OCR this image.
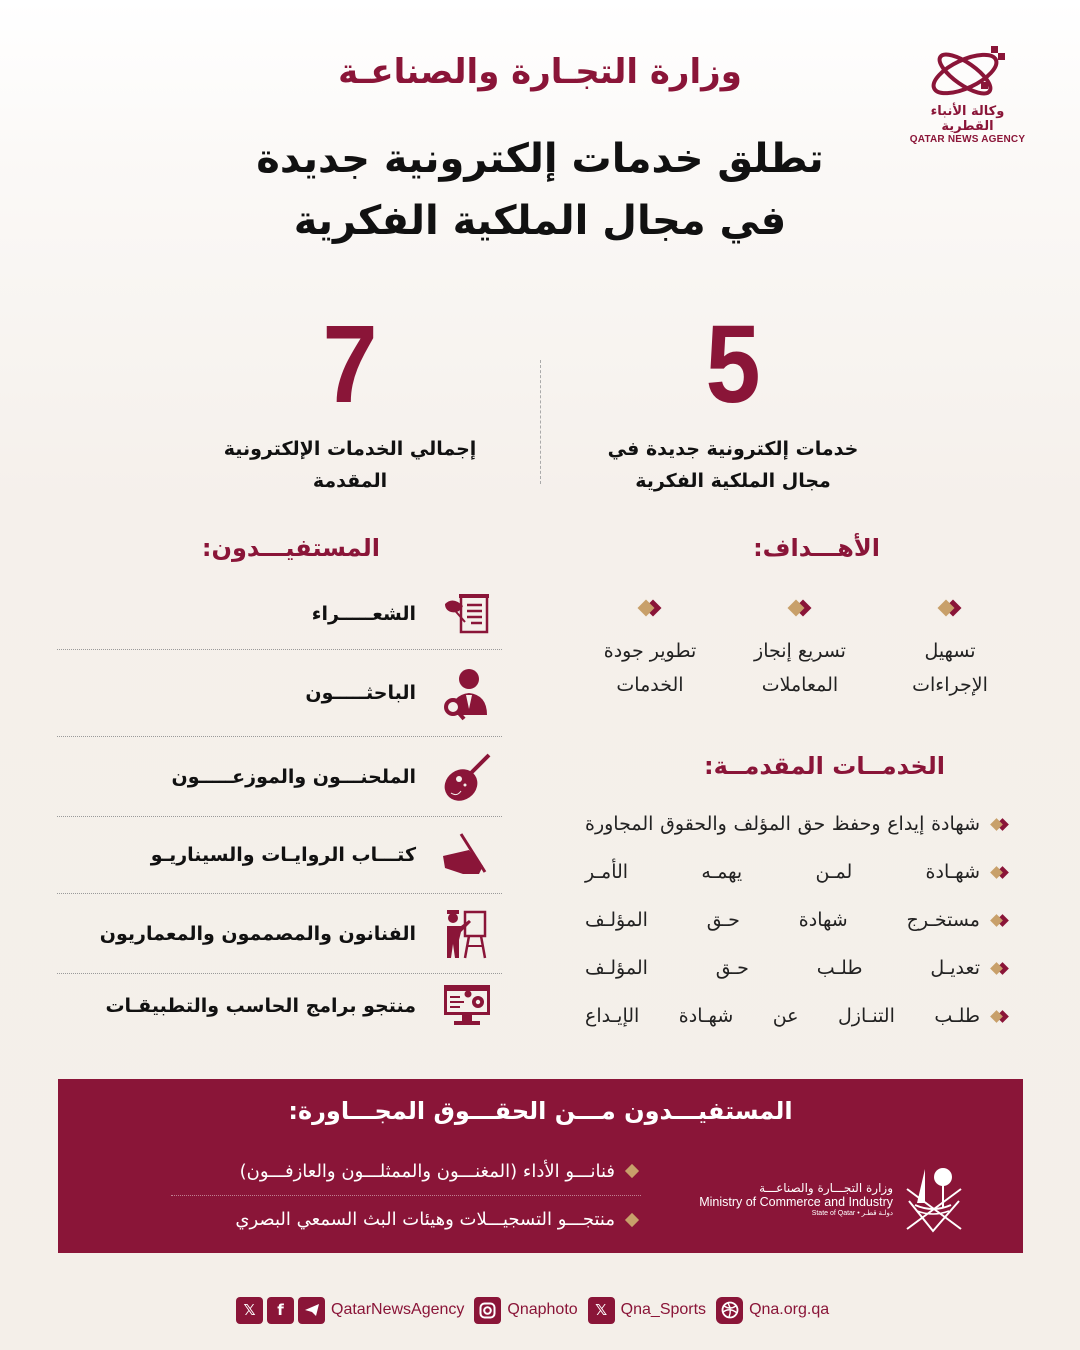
وكالة الأنباء القطرية
QATAR NEWS AGENCY
وزارة التجـارة والصناعـة
تطلق خدمات إلكترونية جديدة
في مجال الملكية الفكرية
5
خدمات إلكترونية جديدة في
مجال الملكية الفكرية
7
إجمالي الخدمات الإلكترونية
المقدمة
الأهـــداف:
تسهيل
الإجراءات
تسريع إنجاز
المعاملات
تطوير جودة
الخدمات
الخدمــات المقدمــة:
شهادة إيداع وحفظ حق المؤلف والحقوق المجاورة
شهـادة لمـن يهمـه الأمـر
مستخـرج شهادة حـق المؤلـف
تعديـل طلـب حـق المؤلـف
طلـب التنـازل عن شهـادة الإيـداع
المستفيـــدون:
الشعـــــراء
الباحثـــــون
الملحنـــون والموزعـــــون
كتـــاب الروايـات والسيناريـو
الفنانون والمصممون والمعماريون
منتجو برامج الحاسب والتطبيقـات
المستفيـــدون مـــن الحقـــوق المجـــاورة:
فنانـــو الأداء (المغنـــون والممثلـــون والعازفـــون)
منتجـــو التسجيـــلات وهيئات البث السمعي البصري
وزارة التجـــارة والصناعـــة
Ministry of Commerce and Industry
State of Qatar • دولـة قطـر
𝕏	f	QatarNewsAgency	Qnaphoto	𝕏 Qna_Sports	Qna.org.qa
